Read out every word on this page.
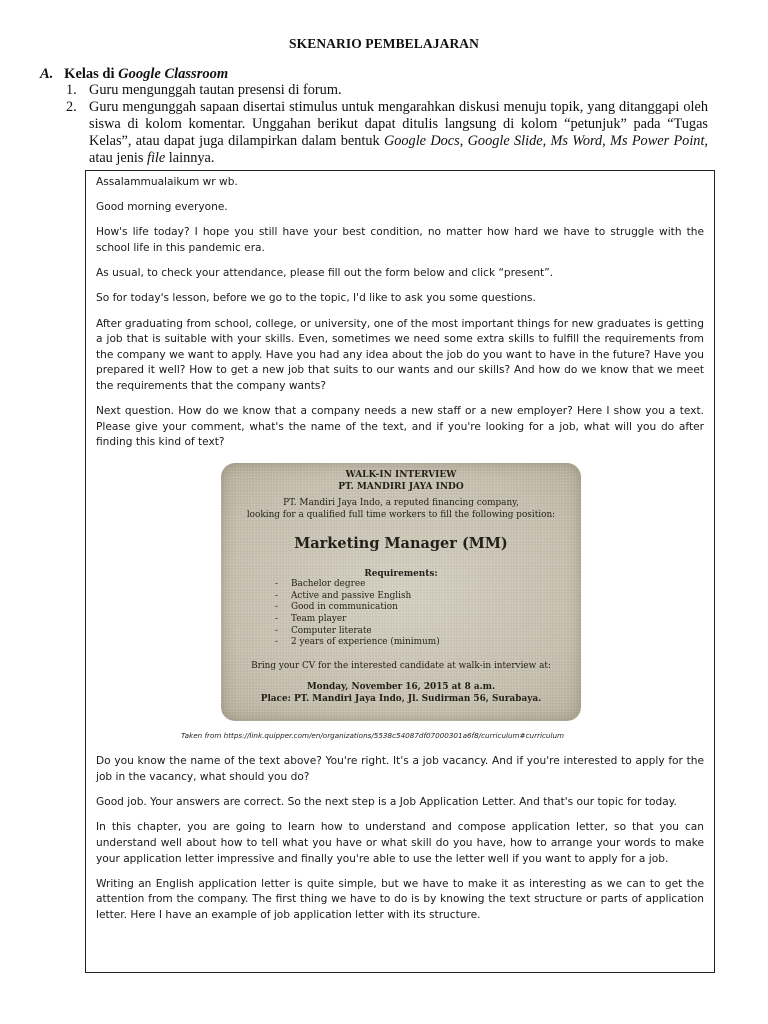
SKENARIO PEMBELAJARAN
A. Kelas di Google Classroom
1. Guru mengunggah tautan presensi di forum.
2. Guru mengunggah sapaan disertai stimulus untuk mengarahkan diskusi menuju topik, yang ditanggapi oleh siswa di kolom komentar. Unggahan berikut dapat ditulis langsung di kolom “petunjuk” pada “Tugas Kelas”, atau dapat juga dilampirkan dalam bentuk Google Docs, Google Slide, Ms Word, Ms Power Point, atau jenis file lainnya.

Assalammualaikum wr wb.

Good morning everyone.

How's life today? I hope you still have your best condition, no matter how hard we have to struggle with the school life in this pandemic era.

As usual, to check your attendance, please fill out the form below and click “present”.

So for today's lesson, before we go to the topic, I'd like to ask you some questions.

After graduating from school, college, or university, one of the most important things for new graduates is getting a job that is suitable with your skills. Even, sometimes we need some extra skills to fulfill the requirements from the company we want to apply. Have you had any idea about the job do you want to have in the future? Have you prepared it well? How to get a new job that suits to our wants and our skills? And how do we know that we meet the requirements that the company wants?

Next question. How do we know that a company needs a new staff or a new employer? Here I show you a text. Please give your comment, what's the name of the text, and if you're looking for a job, what will you do after finding this kind of text?

WALK-IN INTERVIEW
PT. MANDIRI JAYA INDO
PT. Mandiri Jaya Indo, a reputed financing company,
looking for a qualified full time workers to fill the following position:
Marketing Manager (MM)
Requirements:
- Bachelor degree
- Active and passive English
- Good in communication
- Team player
- Computer literate
- 2 years of experience (minimum)
Bring your CV for the interested candidate at walk-in interview at:
Monday, November 16, 2015 at 8 a.m.
Place: PT. Mandiri Jaya Indo, Jl. Sudirman 56, Surabaya.
Taken from https://link.quipper.com/en/organizations/5538c54087df07000301a6f8/curriculum#curriculum

Do you know the name of the text above? You're right. It's a job vacancy. And if you're interested to apply for the job in the vacancy, what should you do?

Good job. Your answers are correct. So the next step is a Job Application Letter. And that's our topic for today.

In this chapter, you are going to learn how to understand and compose application letter, so that you can understand well about how to tell what you have or what skill do you have, how to arrange your words to make your application letter impressive and finally you're able to use the letter well if you want to apply for a job.

Writing an English application letter is quite simple, but we have to make it as interesting as we can to get the attention from the company. The first thing we have to do is by knowing the text structure or parts of application letter. Here I have an example of job application letter with its structure.
